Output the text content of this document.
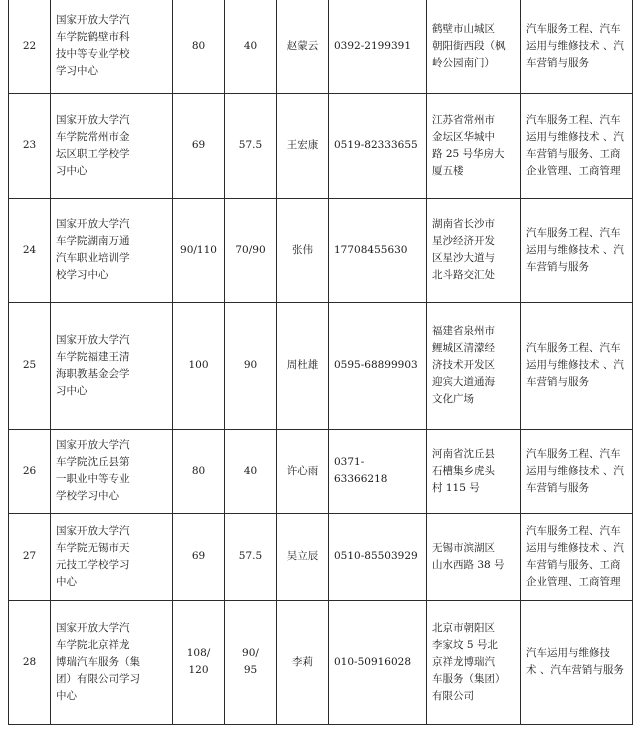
22	国家开放大学汽
车学院鹤壁市科
技中等专业学校
学习中心	80	40	赵蒙云	0392-2199391	鹤壁市山城区
朝阳街西段（枫
岭公园南门）	汽车服务工程、汽车
运用与维修技术 、汽
车营销与服务
23	国家开放大学汽
车学院常州市金
坛区职工学校学
习中心	69	57.5	王宏康	0519-82333655	江苏省常州市
金坛区华城中
路 25 号华房大
厦五楼	汽车服务工程、汽车
运用与维修技术 、汽
车营销与服务、工商
企业管理、工商管理
24	国家开放大学汽
车学院湖南万通
汽车职业培训学
校学习中心	90/110	70/90	张伟	17708455630	湖南省长沙市
星沙经济开发
区星沙大道与
北斗路交汇处	汽车服务工程、汽车
运用与维修技术 、汽
车营销与服务
25	国家开放大学汽
车学院福建王清
海职教基金会学
习中心	100	90	周杜雄	0595-68899903	福建省泉州市
鲤城区清濛经
济技术开发区
迎宾大道通海
文化广场	汽车服务工程、汽车
运用与维修技术 、汽
车营销与服务
26	国家开放大学汽
车学院沈丘县第
一职业中等专业
学校学习中心	80	40	许心雨	0371- 63366218	河南省沈丘县
石槽集乡虎头
村 115 号	汽车服务工程、汽车
运用与维修技术 、汽
车营销与服务
27	国家开放大学汽
车学院无锡市天
元技工学校学习
中心	69	57.5	吴立辰	0510-85503929	无锡市滨湖区
山水西路 38 号	汽车服务工程、汽车
运用与维修技术 、汽
车营销与服务、工商
企业管理、工商管理
28	国家开放大学汽
车学院北京祥龙
博瑞汽车服务（集
团）有限公司学习
中心	108/
120	90/
95	李莉	010-50916028	北京市朝阳区
李家坟 5 号北
京祥龙博瑞汽
车服务（集团）
有限公司	汽车运用与维修技
术 、汽车营销与服务
